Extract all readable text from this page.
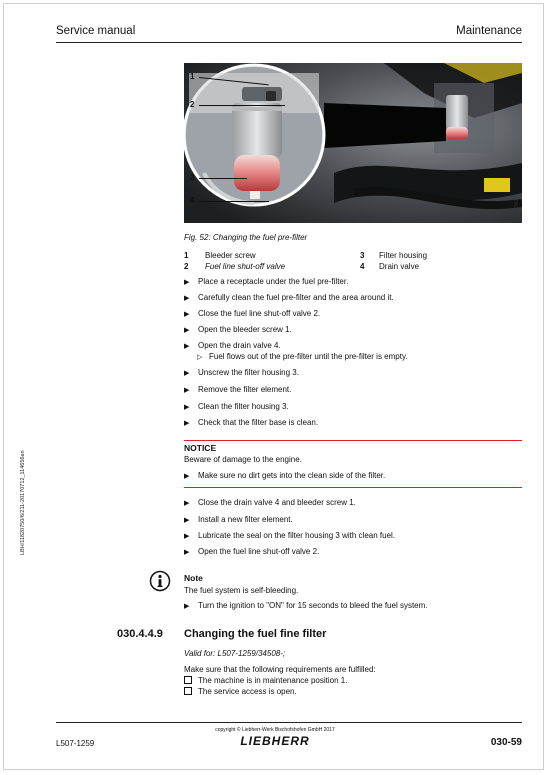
Service manual	Maintenance
LBH/11820750/6/211-20170712_114656en
20002341
1
2
3
4
Fig. 52: Changing the fuel pre-filter
1 Bleeder screw	3 Filter housing
2 Fuel line shut-off valve	4 Drain valve
▶ Place a receptacle under the fuel pre-filter.
▶ Carefully clean the fuel pre-filter and the area around it.
▶ Close the fuel line shut-off valve 2.
▶ Open the bleeder screw 1.
▶ Open the drain valve 4.
▷ Fuel flows out of the pre-filter until the pre-filter is empty.
▶ Unscrew the filter housing 3.
▶ Remove the filter element.
▶ Clean the filter housing 3.
▶ Check that the filter base is clean.
NOTICE
Beware of damage to the engine.
▶ Make sure no dirt gets into the clean side of the filter.
▶ Close the drain valve 4 and bleeder screw 1.
▶ Install a new filter element.
▶ Lubricate the seal on the filter housing 3 with clean fuel.
▶ Open the fuel line shut-off valve 2.
Note
The fuel system is self-bleeding.
▶ Turn the ignition to "ON" for 15 seconds to bleed the fuel system.
030.4.4.9 Changing the fuel fine filter
Valid for: L507-1259/34508-;
Make sure that the following requirements are fulfilled:
The machine is in maintenance position 1.
The service access is open.
copyright © Liebherr-Werk Bischofshofen GmbH 2017
LIEBHERR
L507-1259	030-59
